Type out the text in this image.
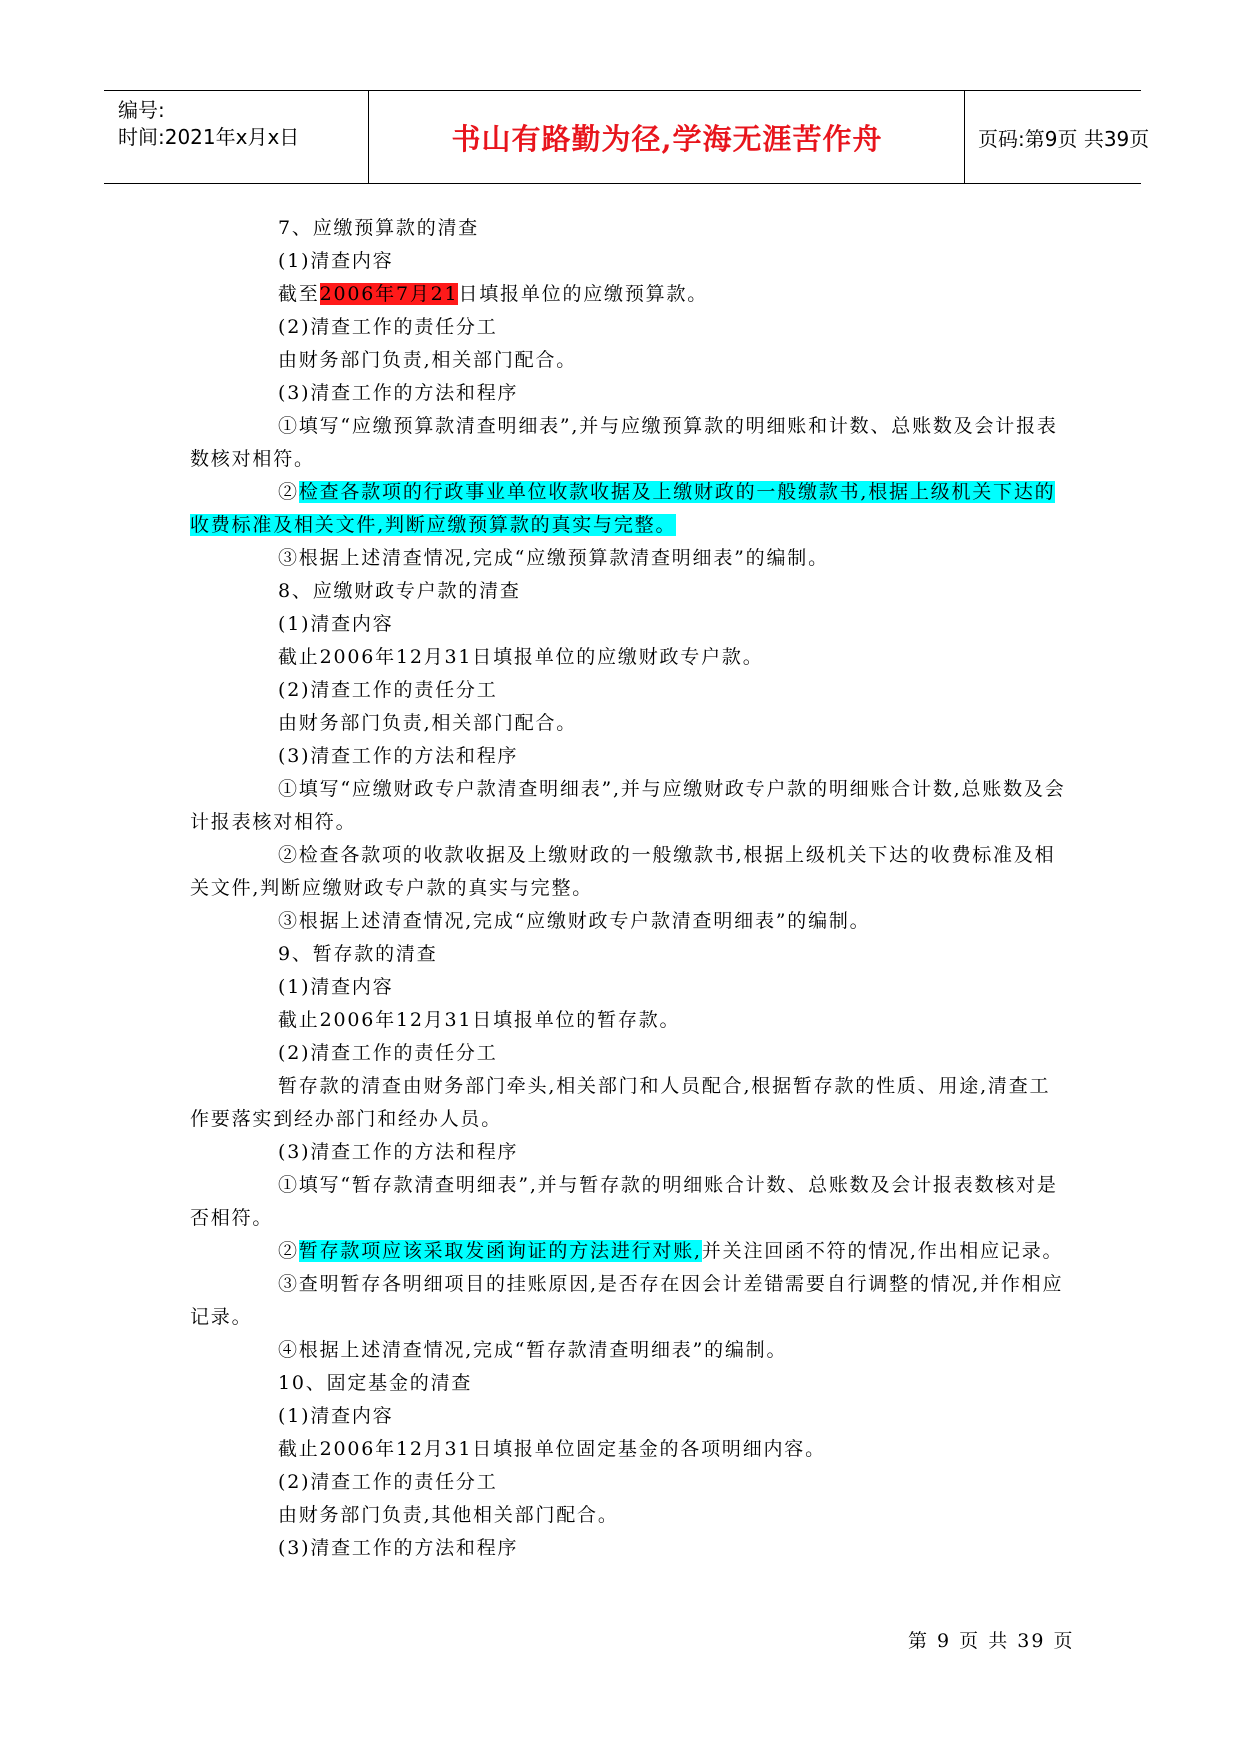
编号:
时间:2021年x月x日	书山有路勤为径,学海无涯苦作舟	页码:第9页 共39页

7、应缴预算款的清查

(1)清查内容

截至2006年7月21日填报单位的应缴预算款。

(2)清查工作的责任分工

由财务部门负责,相关部门配合。

(3)清查工作的方法和程序

①填写“应缴预算款清查明细表”,并与应缴预算款的明细账和计数、总账数及会计报表数核对相符。

②检查各款项的行政事业单位收款收据及上缴财政的一般缴款书,根据上级机关下达的收费标准及相关文件,判断应缴预算款的真实与完整。

③根据上述清查情况,完成“应缴预算款清查明细表”的编制。

8、应缴财政专户款的清查

(1)清查内容

截止2006年12月31日填报单位的应缴财政专户款。

(2)清查工作的责任分工

由财务部门负责,相关部门配合。

(3)清查工作的方法和程序

①填写“应缴财政专户款清查明细表”,并与应缴财政专户款的明细账合计数,总账数及会计报表核对相符。

②检查各款项的收款收据及上缴财政的一般缴款书,根据上级机关下达的收费标准及相关文件,判断应缴财政专户款的真实与完整。

③根据上述清查情况,完成“应缴财政专户款清查明细表”的编制。

9、暂存款的清查

(1)清查内容

截止2006年12月31日填报单位的暂存款。

(2)清查工作的责任分工

暂存款的清查由财务部门牵头,相关部门和人员配合,根据暂存款的性质、用途,清查工作要落实到经办部门和经办人员。

(3)清查工作的方法和程序

①填写“暂存款清查明细表”,并与暂存款的明细账合计数、总账数及会计报表数核对是否相符。

②暂存款项应该采取发函询证的方法进行对账,并关注回函不符的情况,作出相应记录。

③查明暂存各明细项目的挂账原因,是否存在因会计差错需要自行调整的情况,并作相应记录。

④根据上述清查情况,完成“暂存款清查明细表”的编制。

10、固定基金的清查

(1)清查内容

截止2006年12月31日填报单位固定基金的各项明细内容。

(2)清查工作的责任分工

由财务部门负责,其他相关部门配合。

(3)清查工作的方法和程序

第 9 页 共 39 页
